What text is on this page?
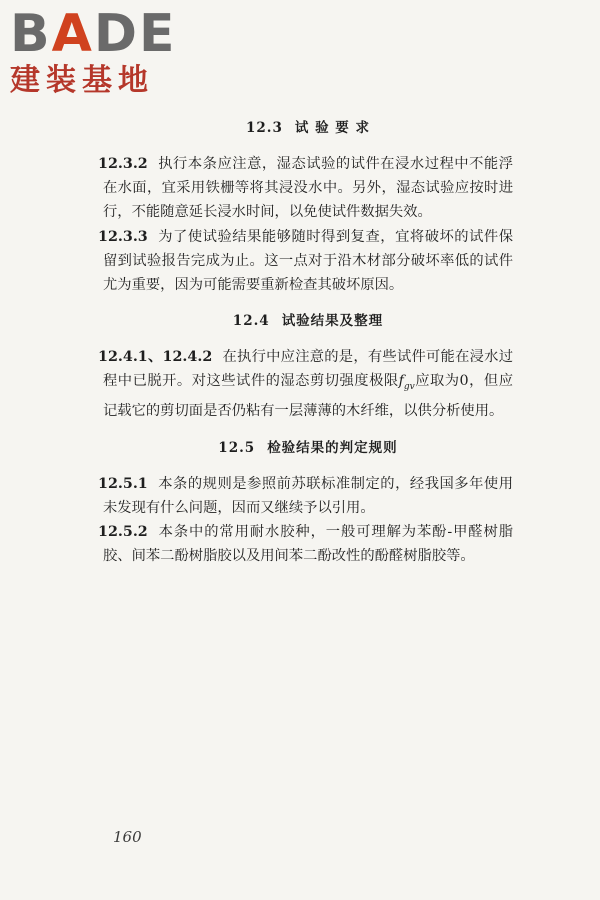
BADE
建装基地
12.3 试 验 要 求

12.3.2 执行本条应注意，湿态试验的试件在浸水过程中不能浮在水面，宜采用铁栅等将其浸没水中。另外，湿态试验应按时进行，不能随意延长浸水时间，以免使试件数据失效。

12.3.3 为了使试验结果能够随时得到复查，宜将破坏的试件保留到试验报告完成为止。这一点对于沿木材部分破坏率低的试件尤为重要，因为可能需要重新检查其破坏原因。

12.4 试验结果及整理

12.4.1、12.4.2 在执行中应注意的是，有些试件可能在浸水过程中已脱开。对这些试件的湿态剪切强度极限$f_{gv}$应取为0，但应记载它的剪切面是否仍粘有一层薄薄的木纤维，以供分析使用。

12.5 检验结果的判定规则

12.5.1 本条的规则是参照前苏联标准制定的，经我国多年使用未发现有什么问题，因而又继续予以引用。

12.5.2 本条中的常用耐水胶种，一般可理解为苯酚-甲醛树脂胶、间苯二酚树脂胶以及用间苯二酚改性的酚醛树脂胶等。

160
